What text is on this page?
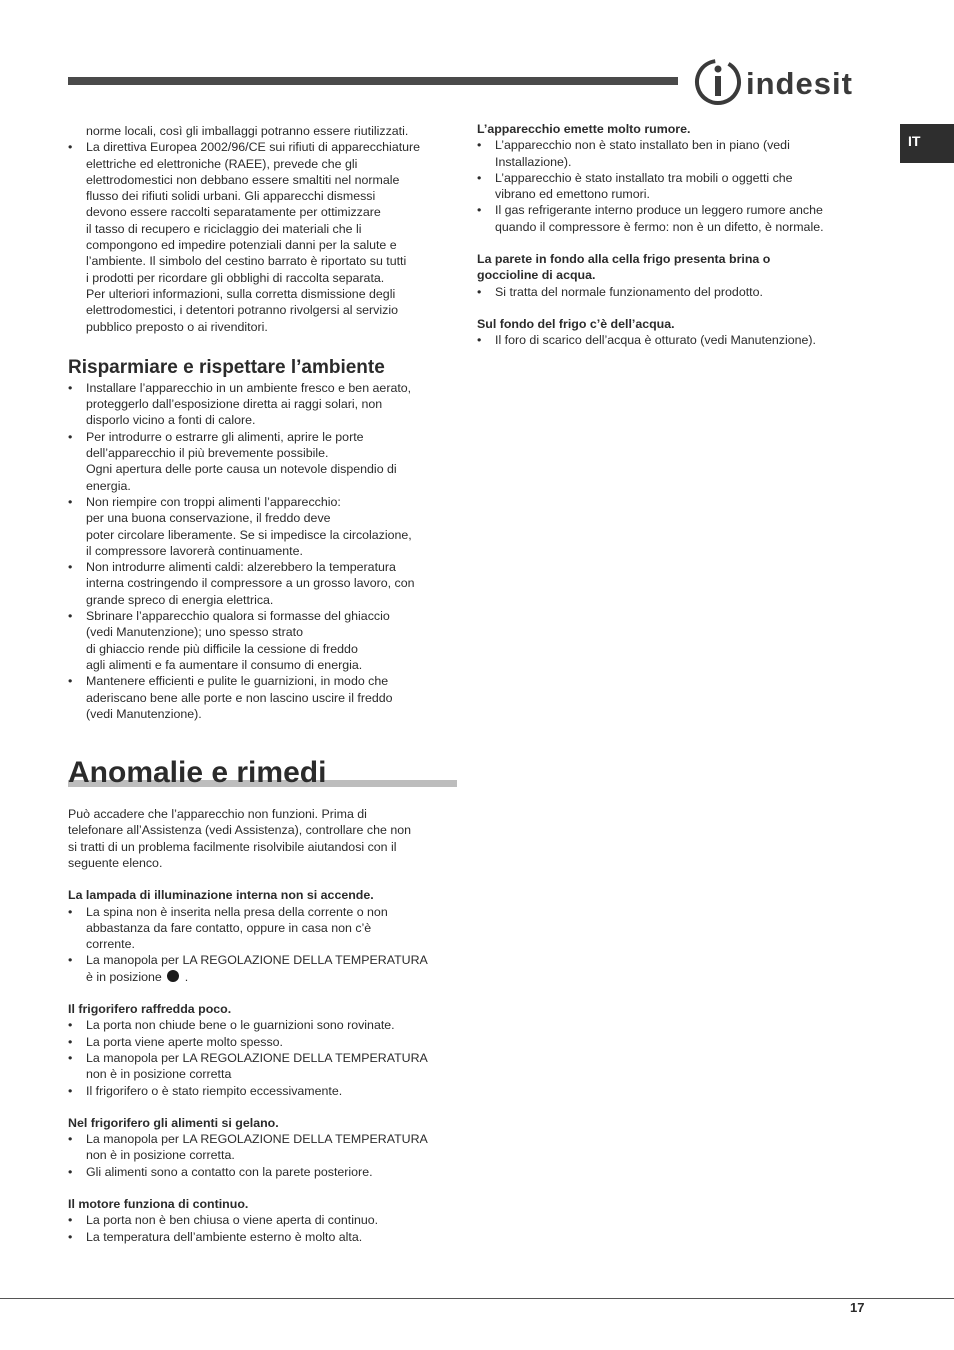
indesit
IT
norme locali, così gli imballaggi potranno essere riutilizzati.
• La direttiva Europea 2002/96/CE sui rifiuti di apparecchiature
elettriche ed elettroniche (RAEE), prevede che gli
elettrodomestici non debbano essere smaltiti nel normale
flusso dei rifiuti solidi urbani. Gli apparecchi dismessi
devono essere raccolti separatamente per ottimizzare
il tasso di recupero e riciclaggio dei materiali che li
compongono ed impedire potenziali danni per la salute e
l’ambiente. Il simbolo del cestino barrato è riportato su tutti
i prodotti per ricordare gli obblighi di raccolta separata.
Per ulteriori informazioni, sulla corretta dismissione degli
elettrodomestici, i detentori potranno rivolgersi al servizio
pubblico preposto o ai rivenditori.
Risparmiare e rispettare l’ambiente
• Installare l’apparecchio in un ambiente fresco e ben aerato,
proteggerlo dall’esposizione diretta ai raggi solari, non
disporlo vicino a fonti di calore.
• Per introdurre o estrarre gli alimenti, aprire le porte
dell’apparecchio il più brevemente possibile.
Ogni apertura delle porte causa un notevole dispendio di
energia.
• Non riempire con troppi alimenti l’apparecchio:
per una buona conservazione, il freddo deve
poter circolare liberamente. Se si impedisce la circolazione,
il compressore lavorerà continuamente.
• Non introdurre alimenti caldi: alzerebbero la temperatura
interna costringendo il compressore a un grosso lavoro, con
grande spreco di energia elettrica.
• Sbrinare l’apparecchio qualora si formasse del ghiaccio
(vedi Manutenzione); uno spesso strato
di ghiaccio rende più difficile la cessione di freddo
agli alimenti e fa aumentare il consumo di energia.
• Mantenere efficienti e pulite le guarnizioni, in modo che
aderiscano bene alle porte e non lascino uscire il freddo
(vedi Manutenzione).
Anomalie e rimedi
Può accadere che l’apparecchio non funzioni. Prima di
telefonare all’Assistenza (vedi Assistenza), controllare che non
si tratti di un problema facilmente risolvibile aiutandosi con il
seguente elenco.
La lampada di illuminazione interna non si accende.
• La spina non è inserita nella presa della corrente o non
abbastanza da fare contatto, oppure in casa non c’è
corrente.
• La manopola per LA REGOLAZIONE DELLA TEMPERATURA
è in posizione .
Il frigorifero raffredda poco.
• La porta non chiude bene o le guarnizioni sono rovinate.
• La porta viene aperte molto spesso.
• La manopola per LA REGOLAZIONE DELLA TEMPERATURA
non è in posizione corretta
• Il frigorifero o è stato riempito eccessivamente.
Nel frigorifero gli alimenti si gelano.
• La manopola per LA REGOLAZIONE DELLA TEMPERATURA
non è in posizione corretta.
• Gli alimenti sono a contatto con la parete posteriore.
Il motore funziona di continuo.
• La porta non è ben chiusa o viene aperta di continuo.
• La temperatura dell’ambiente esterno è molto alta.
L’apparecchio emette molto rumore.
• L’apparecchio non è stato installato ben in piano (vedi
Installazione).
• L’apparecchio è stato installato tra mobili o oggetti che
vibrano ed emettono rumori.
• Il gas refrigerante interno produce un leggero rumore anche
quando il compressore è fermo: non è un difetto, è normale.
La parete in fondo alla cella frigo presenta brina o
goccioline di acqua.
• Si tratta del normale funzionamento del prodotto.
Sul fondo del frigo c’è dell’acqua.
• Il foro di scarico dell’acqua è otturato (vedi Manutenzione).
17
